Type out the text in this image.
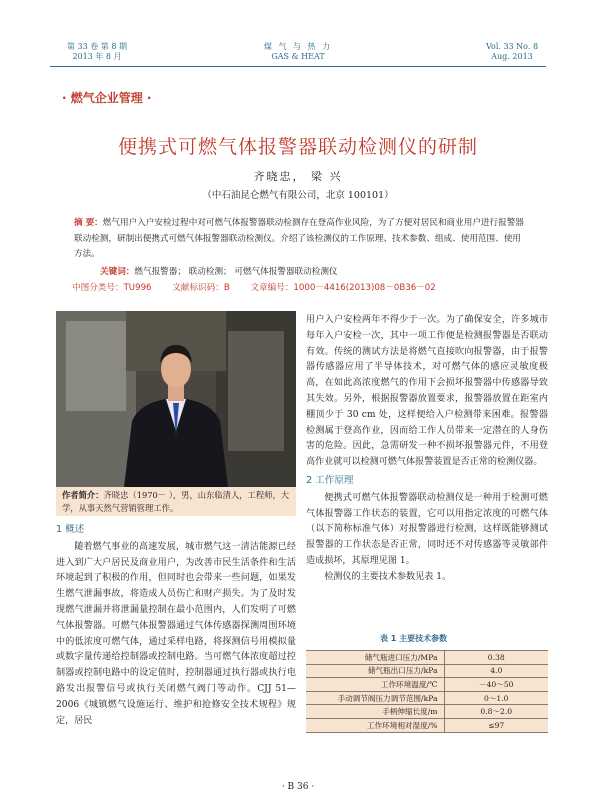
第 33 卷 第 8 期
2013 年 8 月
煤 气 与 热 力
GAS & HEAT
Vol. 33 No. 8
Aug. 2013
· 燃气企业管理 ·
便携式可燃气体报警器联动检测仪的研制
齐晓忠， 梁 兴
（中石油昆仑燃气有限公司，北京 100101）
摘 要：燃气用户入户安检过程中对可燃气体报警器联动检测存在登高作业风险，为了方便对居民和商业用户进行报警器联动检测，研制出便携式可燃气体报警器联动检测仪。介绍了该检测仪的工作原理、技术参数、组成、使用范围、使用方法。
关键词：燃气报警器； 联动检测； 可燃气体报警器联动检测仪
中图分类号：TU996 文献标识码：B 文章编号：1000－4416(2013)08－0B36－02
作者简介：齐晓忠（1970－ ），男，山东临清人，工程师，大学，从事天然气营销管理工作。
1 概述

随着燃气事业的高速发展，城市燃气这一清洁能源已经进入到广大户居民及商业用户，为改善市民生活条件和生活环境起到了积极的作用，但同时也会带来一些问题，如果发生燃气泄漏事故，将造成人员伤亡和财产损失。为了及时发现燃气泄漏并将泄漏量控制在最小范围内，人们发明了可燃气体报警器。可燃气体报警器通过气体传感器探测周围环境中的低浓度可燃气体，通过采样电路，将探测信号用模拟量或数字量传递给控制器或控制电路。当可燃气体浓度超过控制器或控制电路中的设定值时，控制器通过执行器或执行电路发出报警信号或执行关闭燃气阀门等动作。CJJ 51—2006《城镇燃气设施运行、维护和抢修安全技术规程》规定，居民

用户入户安检两年不得少于一次。为了确保安全，许多城市每年入户安检一次，其中一项工作便是检测报警器是否联动有效。传统的测试方法是将燃气直接吹向报警器，由于报警器传感器应用了半导体技术，对可燃气体的感应灵敏度极高，在如此高浓度燃气的作用下会损坏报警器中传感器导致其失效。另外，根据报警器放置要求，报警器放置在距室内棚顶少于 30 cm 处，这样便给入户检测带来困难。报警器检测属于登高作业，因而给工作人员带来一定潜在的人身伤害的危险。因此，急需研发一种不损坏报警器元件，不用登高作业就可以检测可燃气体报警装置是否正常的检测仪器。

2 工作原理

便携式可燃气体报警器联动检测仪是一种用于检测可燃气体报警器工作状态的装置，它可以用指定浓度的可燃气体（以下简称标准气体）对报警器进行检测，这样既能够测试报警器的工作状态是否正常，同时还不对传感器等灵敏部件造成损坏，其原理见图 1。

检测仪的主要技术参数见表 1。

表 1 主要技术参数
储气瓶进口压力/MPa	0.38
储气瓶出口压力/kPa	4.0
工作环境温度/℃	－40～50
手动调节阀压力调节范围/kPa	0～1.0
手柄伸缩长度/m	0.8～2.0
工作环境相对湿度/%	≤97
· B 36 ·
